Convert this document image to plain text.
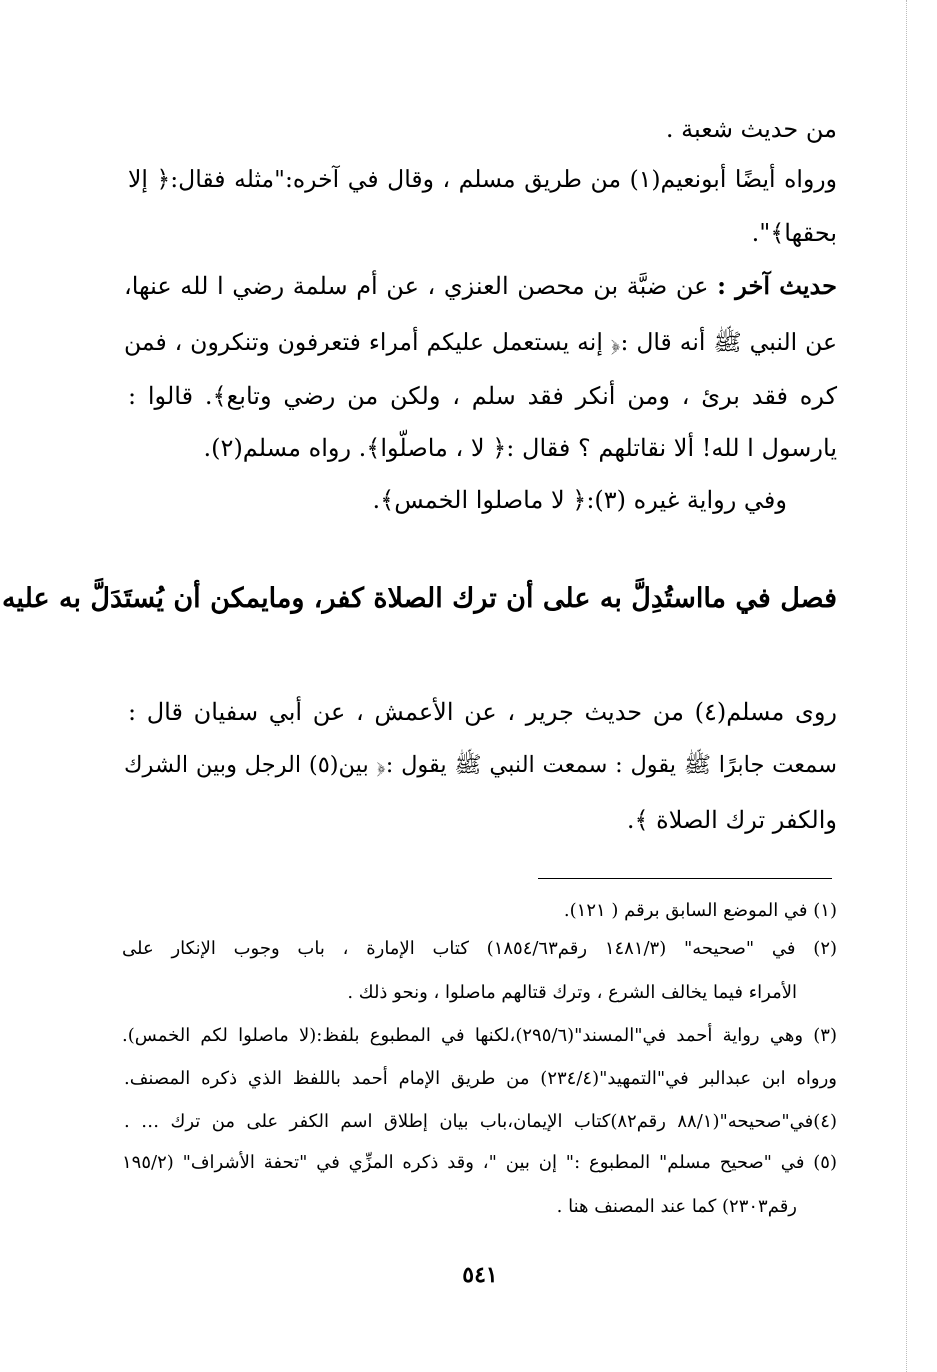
من حديث شعبة .
ورواه أيضًا أبونعيم(١) من طريق مسلم ، وقال في آخره:"مثله فقال:﴿ إلا
بحقها﴾".
حديث آخر : عن ضبَّة بن محصن العنزي ، عن أم سلمة رضي ا لله عنها،
عن النبي ﷺ أنه قال :﴿ إنه يستعمل عليكم أمراء فتعرفون وتنكرون ، فمن
كره فقد برئ ، ومن أنكر فقد سلم ، ولكن من رضي وتابع﴾. قالوا :
يارسول ا لله! ألا نقاتلهم ؟ فقال :﴿ لا ، ماصلّوا﴾. رواه مسلم(٢).
وفي رواية غيره (٣):﴿ لا ماصلوا الخمس﴾.
فصل في مااستُدِلَّ به على أن ترك الصلاة كفر، ومايمكن أن يُستَدَلَّ به عليه
روى مسلم(٤) من حديث جرير ، عن الأعمش ، عن أبي سفيان قال :
سمعت جابرًا ﷺ يقول : سمعت النبي ﷺ يقول :﴿ بين(٥) الرجل وبين الشرك
والكفر ترك الصلاة ﴾.
(١) في الموضع السابق برقم ( ١٢١).
(٢) في "صحيحه" (١٤٨١/٣ رقم١٨٥٤/٦٣) كتاب الإمارة ، باب وجوب الإنكار على
الأمراء فيما يخالف الشرع ، وترك قتالهم ماصلوا ، ونحو ذلك .
(٣) وهي رواية أحمد في"المسند"(٢٩٥/٦)،لكنها في المطبوع بلفظ:(لا ماصلوا لكم الخمس).
ورواه ابن عبدالبر في"التمهيد"(٢٣٤/٤) من طريق الإمام أحمد باللفظ الذي ذكره المصنف.
(٤)في"صحيحه"(٨٨/١ رقم٨٢)كتاب الإيمان،باب بيان إطلاق اسم الكفر على من ترك … .
(٥) في "صحيح مسلم" المطبوع :" إن بين "، وقد ذكره المزِّي في "تحفة الأشراف" (١٩٥/٢
رقم٢٣٠٣) كما عند المصنف هنا .
٥٤١
